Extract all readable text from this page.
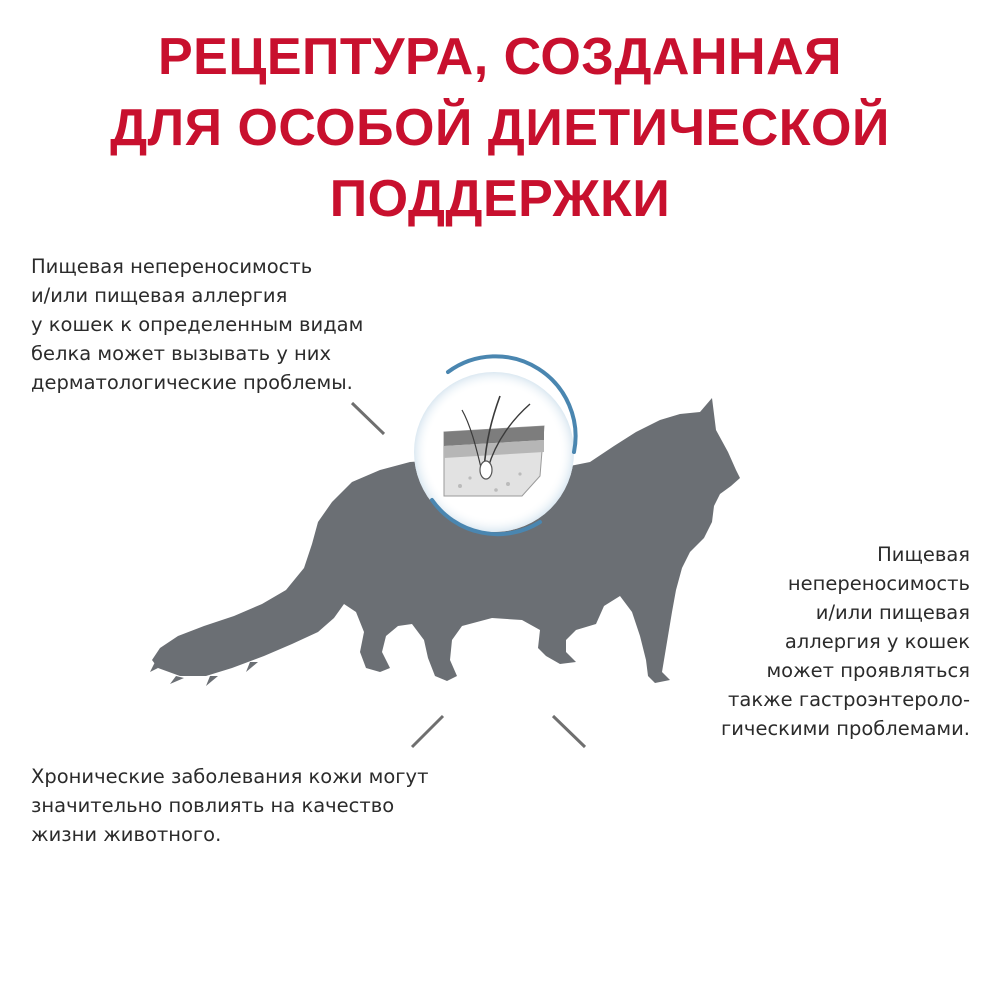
РЕЦЕПТУРА, СОЗДАННАЯ
ДЛЯ ОСОБОЙ ДИЕТИЧЕСКОЙ
ПОДДЕРЖКИ

Пищевая непереносимость
и/или пищевая аллергия
у кошек к определенным видам
белка может вызывать у них
дерматологические проблемы.

Пищевая
непереносимость
и/или пищевая
аллергия у кошек
может проявляться
также гастроэнтероло-
гическими проблемами.

Хронические заболевания кожи могут
значительно повлиять на качество
жизни животного.
